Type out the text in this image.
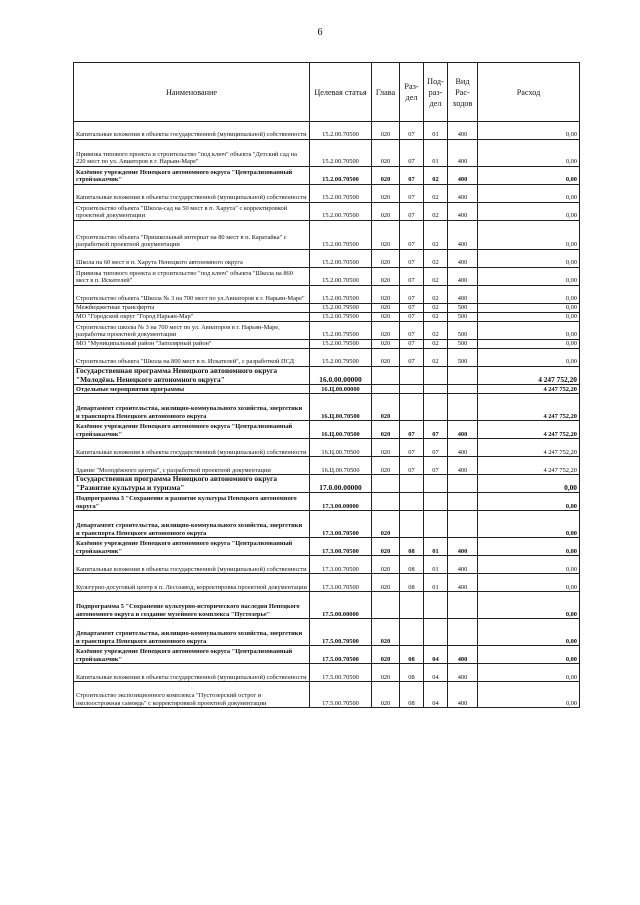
6
Наименование	Целевая статья	Глава	Раз-дел	Под-раз-дел	Вид Рас-ходов	Расход
Капитальные вложения в объекты государственной (муниципальной) собственности	15.2.00.70500	020	07	01	400	0,00
Привязка типового проекта и строительство "под ключ" объекта "Детский сад на 220 мест по ул. Авиаторов в г. Нарьян-Маре"	15.2.00.70500	020	07	01	400	0,00
Казённое учреждение Ненецкого автономного округа "Централизованный стройзаказчик"	15.2.00.70500	020	07	02	400	0,00
Капитальные вложения в объекты государственной (муниципальной) собственности	15.2.00.70500	020	07	02	400	0,00
Строительство объекта "Школа-сад на 50 мест в п. Харута" с корректировкой проектной документации	15.2.00.70500	020	07	02	400	0,00
Строительство объекта "Пришкольный интернат на 80 мест в п. Каратайка" с разработкой проектной документации	15.2.00.70500	020	07	02	400	0,00
Школа на 60 мест в п. Харута Ненецкого автономного округа	15.2.00.70500	020	07	02	400	0,00
Привязка типового проекта и строительство "под ключ" объекта "Школа на 860 мест в п. Искателей"	15.2.00.70500	020	07	02	400	0,00
Строительство объекта "Школа № 3 на 700 мест по ул.Авиаторов в г. Нарьян-Маре"	15.2.00.70500	020	07	02	400	0,00
Межбюджетные трансферты	15.2.00.79500	020	07	02	500	0,00
МО "Городской округ "Город Нарьян-Мар"	15.2.00.79500	020	07	02	500	0,00
Строительство школы № 3 на 700 мест по ул. Авиаторов в г. Нарьян-Маре, разработка проектной документации	15.2.00.79500	020	07	02	500	0,00
МО "Муниципальный район "Заполярный район"	15.2.00.79500	020	07	02	500	0,00
Строительство объекта "Школа на 800 мест в п. Искателей", с разработкой ПСД	15.2.00.79500	020	07	02	500	0,00
Государственная программа Ненецкого автономного округа "Молодёжь Ненецкого автономного округа"	16.0.00.00000					4 247 752,20
Отдельные мероприятия программы	16.Ц.00.00000					4 247 752,20
Департамент строительства, жилищно-коммунального хозяйства, энергетики и транспорта Ненецкого автономного округа	16.Ц.00.70500	020				4 247 752,20
Казённое учреждение Ненецкого автономного округа "Централизованный стройзаказчик"	16.Ц.00.70500	020	07	07	400	4 247 752,20
Капитальные вложения в объекты государственной (муниципальной) собственности	16.Ц.00.70500	020	07	07	400	4 247 752,20
Здание "Молодёжного центра", с разработкой проектной документации	16.Ц.00.70500	020	07	07	400	4 247 752,20
Государственная программа Ненецкого автономного округа "Развитие культуры и туризма"	17.0.00.00000					0,00
Подпрограмма 3 "Сохранение и развитие культуры Ненецкого автономного округа"	17.3.00.00000					0,00
Департамент строительства, жилищно-коммунального хозяйства, энергетики и транспорта Ненецкого автономного округа	17.3.00.70500	020				0,00
Казённое учреждение Ненецкого автономного округа "Централизованный стройзаказчик"	17.3.00.70500	020	08	01	400	0,00
Капитальные вложения в объекты государственной (муниципальной) собственности	17.3.00.70500	020	08	01	400	0,00
Культурно-досуговый центр в п. Лесозавод, корректировка проектной документации	17.3.00.70500	020	08	01	400	0,00
Подпрограмма 5 "Сохранение культурно-исторического наследия Ненецкого автономного округа и создание музейного комплекса "Пустозерье"	17.5.00.00000					0,00
Департамент строительства, жилищно-коммунального хозяйства, энергетики и транспорта Ненецкого автономного округа	17.5.00.70500	020				0,00
Казённое учреждение Ненецкого автономного округа "Централизованный стройзаказчик"	17.5.00.70500	020	08	04	400	0,00
Капитальные вложения в объекты государственной (муниципальной) собственности	17.5.00.70500	020	08	04	400	0,00
Строительство экспозиционного комплекса "Пустозерский острог и околоострожная самоядь" с корректировкой проектной документации	17.5.00.70500	020	08	04	400	0,00
